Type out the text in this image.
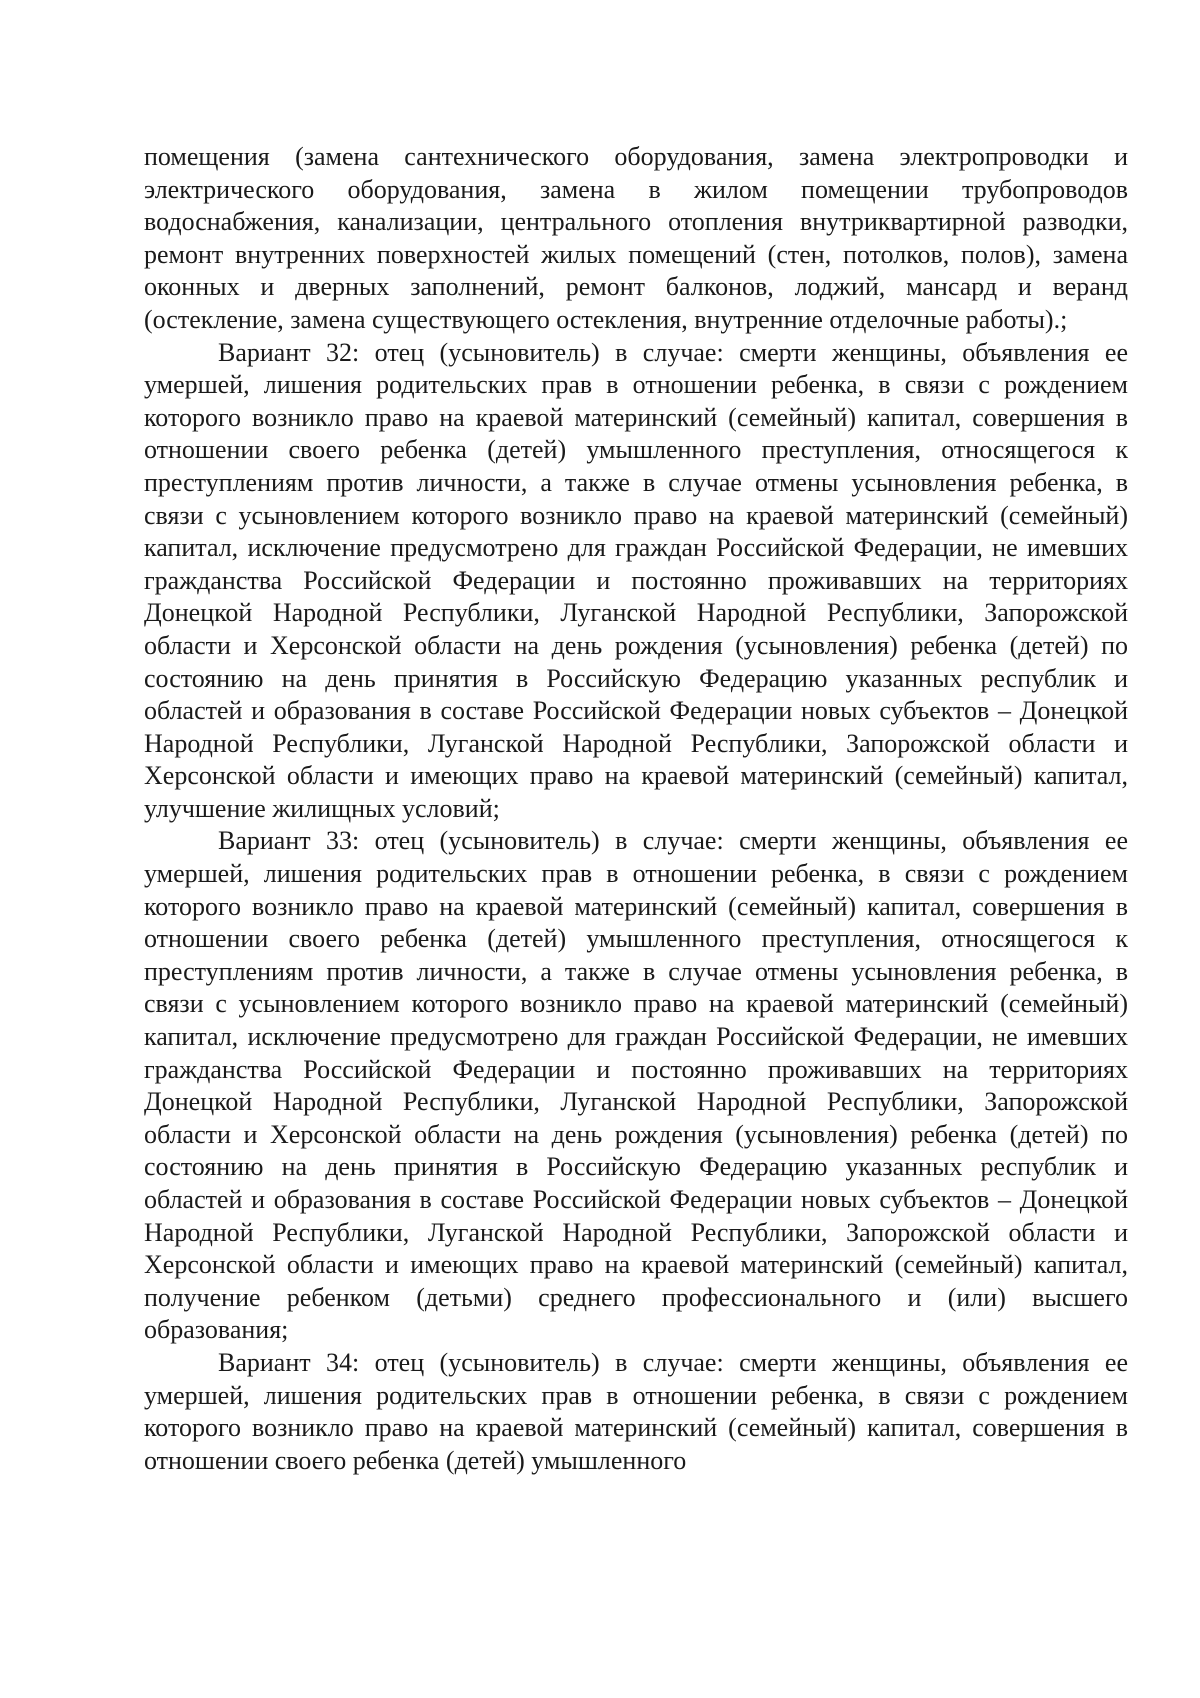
помещения (замена сантехнического оборудования, замена электропроводки и электрического оборудования, замена в жилом помещении трубопроводов водоснабжения, канализации, центрального отопления внутриквартирной разводки, ремонт внутренних поверхностей жилых помещений (стен, потолков, полов), замена оконных и дверных заполнений, ремонт балконов, лоджий, мансард и веранд (остекление, замена существующего остекления, внутренние отделочные работы).;

Вариант 32: отец (усыновитель) в случае: смерти женщины, объявления ее умершей, лишения родительских прав в отношении ребенка, в связи с рождением которого возникло право на краевой материнский (семейный) капитал, совершения в отношении своего ребенка (детей) умышленного преступления, относящегося к преступлениям против личности, а также в случае отмены усыновления ребенка, в связи с усыновлением которого возникло право на краевой материнский (семейный) капитал, исключение предусмотрено для граждан Российской Федерации, не имевших гражданства Российской Федерации и постоянно проживавших на территориях Донецкой Народной Республики, Луганской Народной Республики, Запорожской области и Херсонской области на день рождения (усыновления) ребенка (детей) по состоянию на день принятия в Российскую Федерацию указанных республик и областей и образования в составе Российской Федерации новых субъектов – Донецкой Народной Республики, Луганской Народной Республики, Запорожской области и Херсонской области и имеющих право на краевой материнский (семейный) капитал, улучшение жилищных условий;

Вариант 33: отец (усыновитель) в случае: смерти женщины, объявления ее умершей, лишения родительских прав в отношении ребенка, в связи с рождением которого возникло право на краевой материнский (семейный) капитал, совершения в отношении своего ребенка (детей) умышленного преступления, относящегося к преступлениям против личности, а также в случае отмены усыновления ребенка, в связи с усыновлением которого возникло право на краевой материнский (семейный) капитал, исключение предусмотрено для граждан Российской Федерации, не имевших гражданства Российской Федерации и постоянно проживавших на территориях Донецкой Народной Республики, Луганской Народной Республики, Запорожской области и Херсонской области на день рождения (усыновления) ребенка (детей) по состоянию на день принятия в Российскую Федерацию указанных республик и областей и образования в составе Российской Федерации новых субъектов – Донецкой Народной Республики, Луганской Народной Республики, Запорожской области и Херсонской области и имеющих право на краевой материнский (семейный) капитал, получение ребенком (детьми) среднего профессионального и (или) высшего образования;

Вариант 34: отец (усыновитель) в случае: смерти женщины, объявления ее умершей, лишения родительских прав в отношении ребенка, в связи с рождением которого возникло право на краевой материнский (семейный) капитал, совершения в отношении своего ребенка (детей) умышленного
